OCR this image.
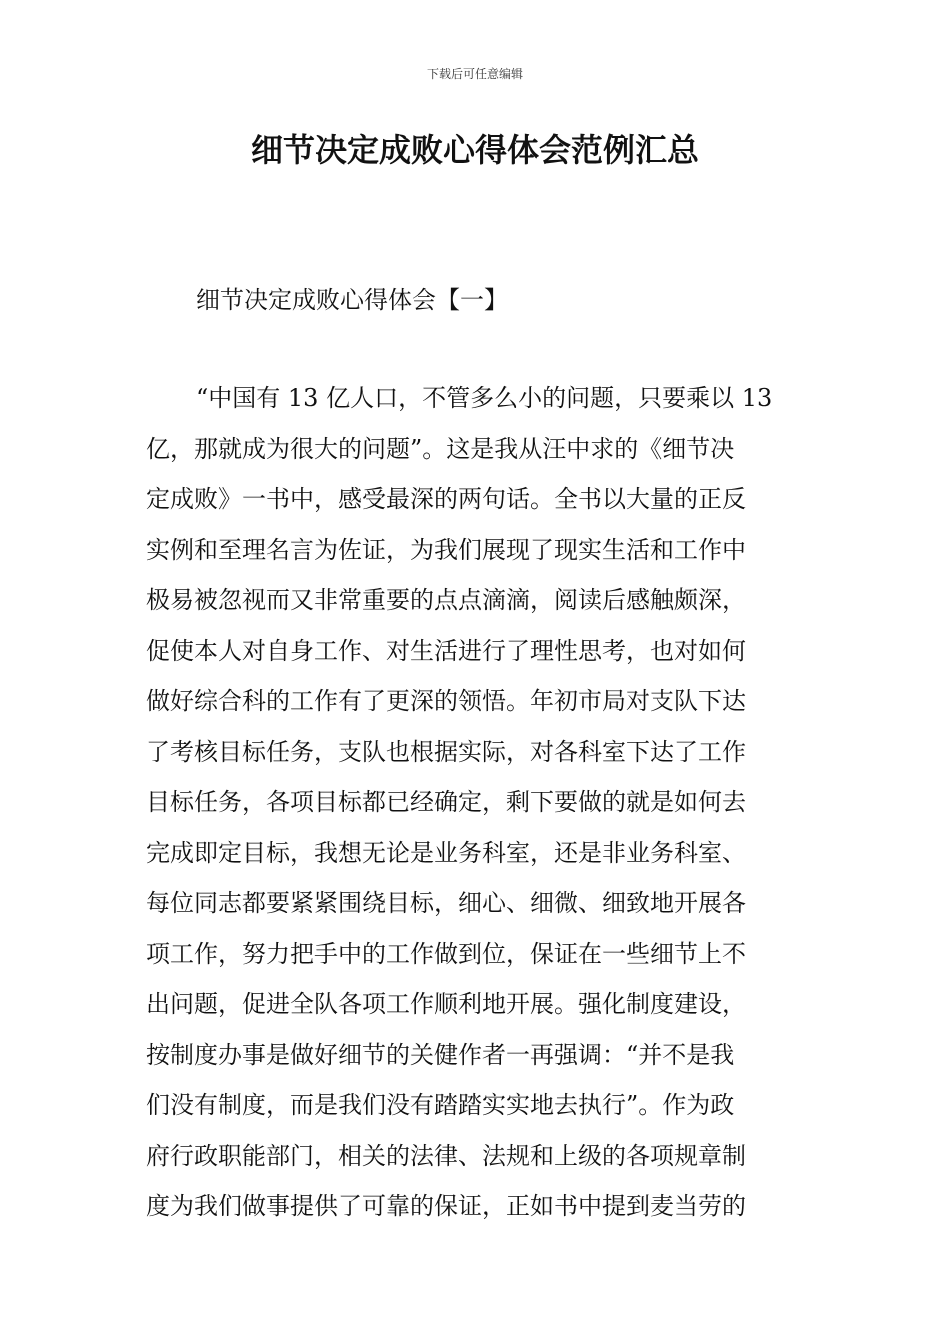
下载后可任意编辑
细节决定成败心得体会范例汇总
细节决定成败心得体会【一】
“中国有 13 亿人口，不管多么小的问题，只要乘以 13
亿，那就成为很大的问题”。这是我从汪中求的《细节决
定成败》一书中，感受最深的两句话。全书以大量的正反
实例和至理名言为佐证，为我们展现了现实生活和工作中
极易被忽视而又非常重要的点点滴滴，阅读后感触颇深，
促使本人对自身工作、对生活进行了理性思考，也对如何
做好综合科的工作有了更深的领悟。年初市局对支队下达
了考核目标任务，支队也根据实际，对各科室下达了工作
目标任务，各项目标都已经确定，剩下要做的就是如何去
完成即定目标，我想无论是业务科室，还是非业务科室、
每位同志都要紧紧围绕目标，细心、细微、细致地开展各
项工作，努力把手中的工作做到位，保证在一些细节上不
出问题，促进全队各项工作顺利地开展。强化制度建设，
按制度办事是做好细节的关健作者一再强调：“并不是我
们没有制度，而是我们没有踏踏实实地去执行”。作为政
府行政职能部门，相关的法律、法规和上级的各项规章制
度为我们做事提供了可靠的保证，正如书中提到麦当劳的
